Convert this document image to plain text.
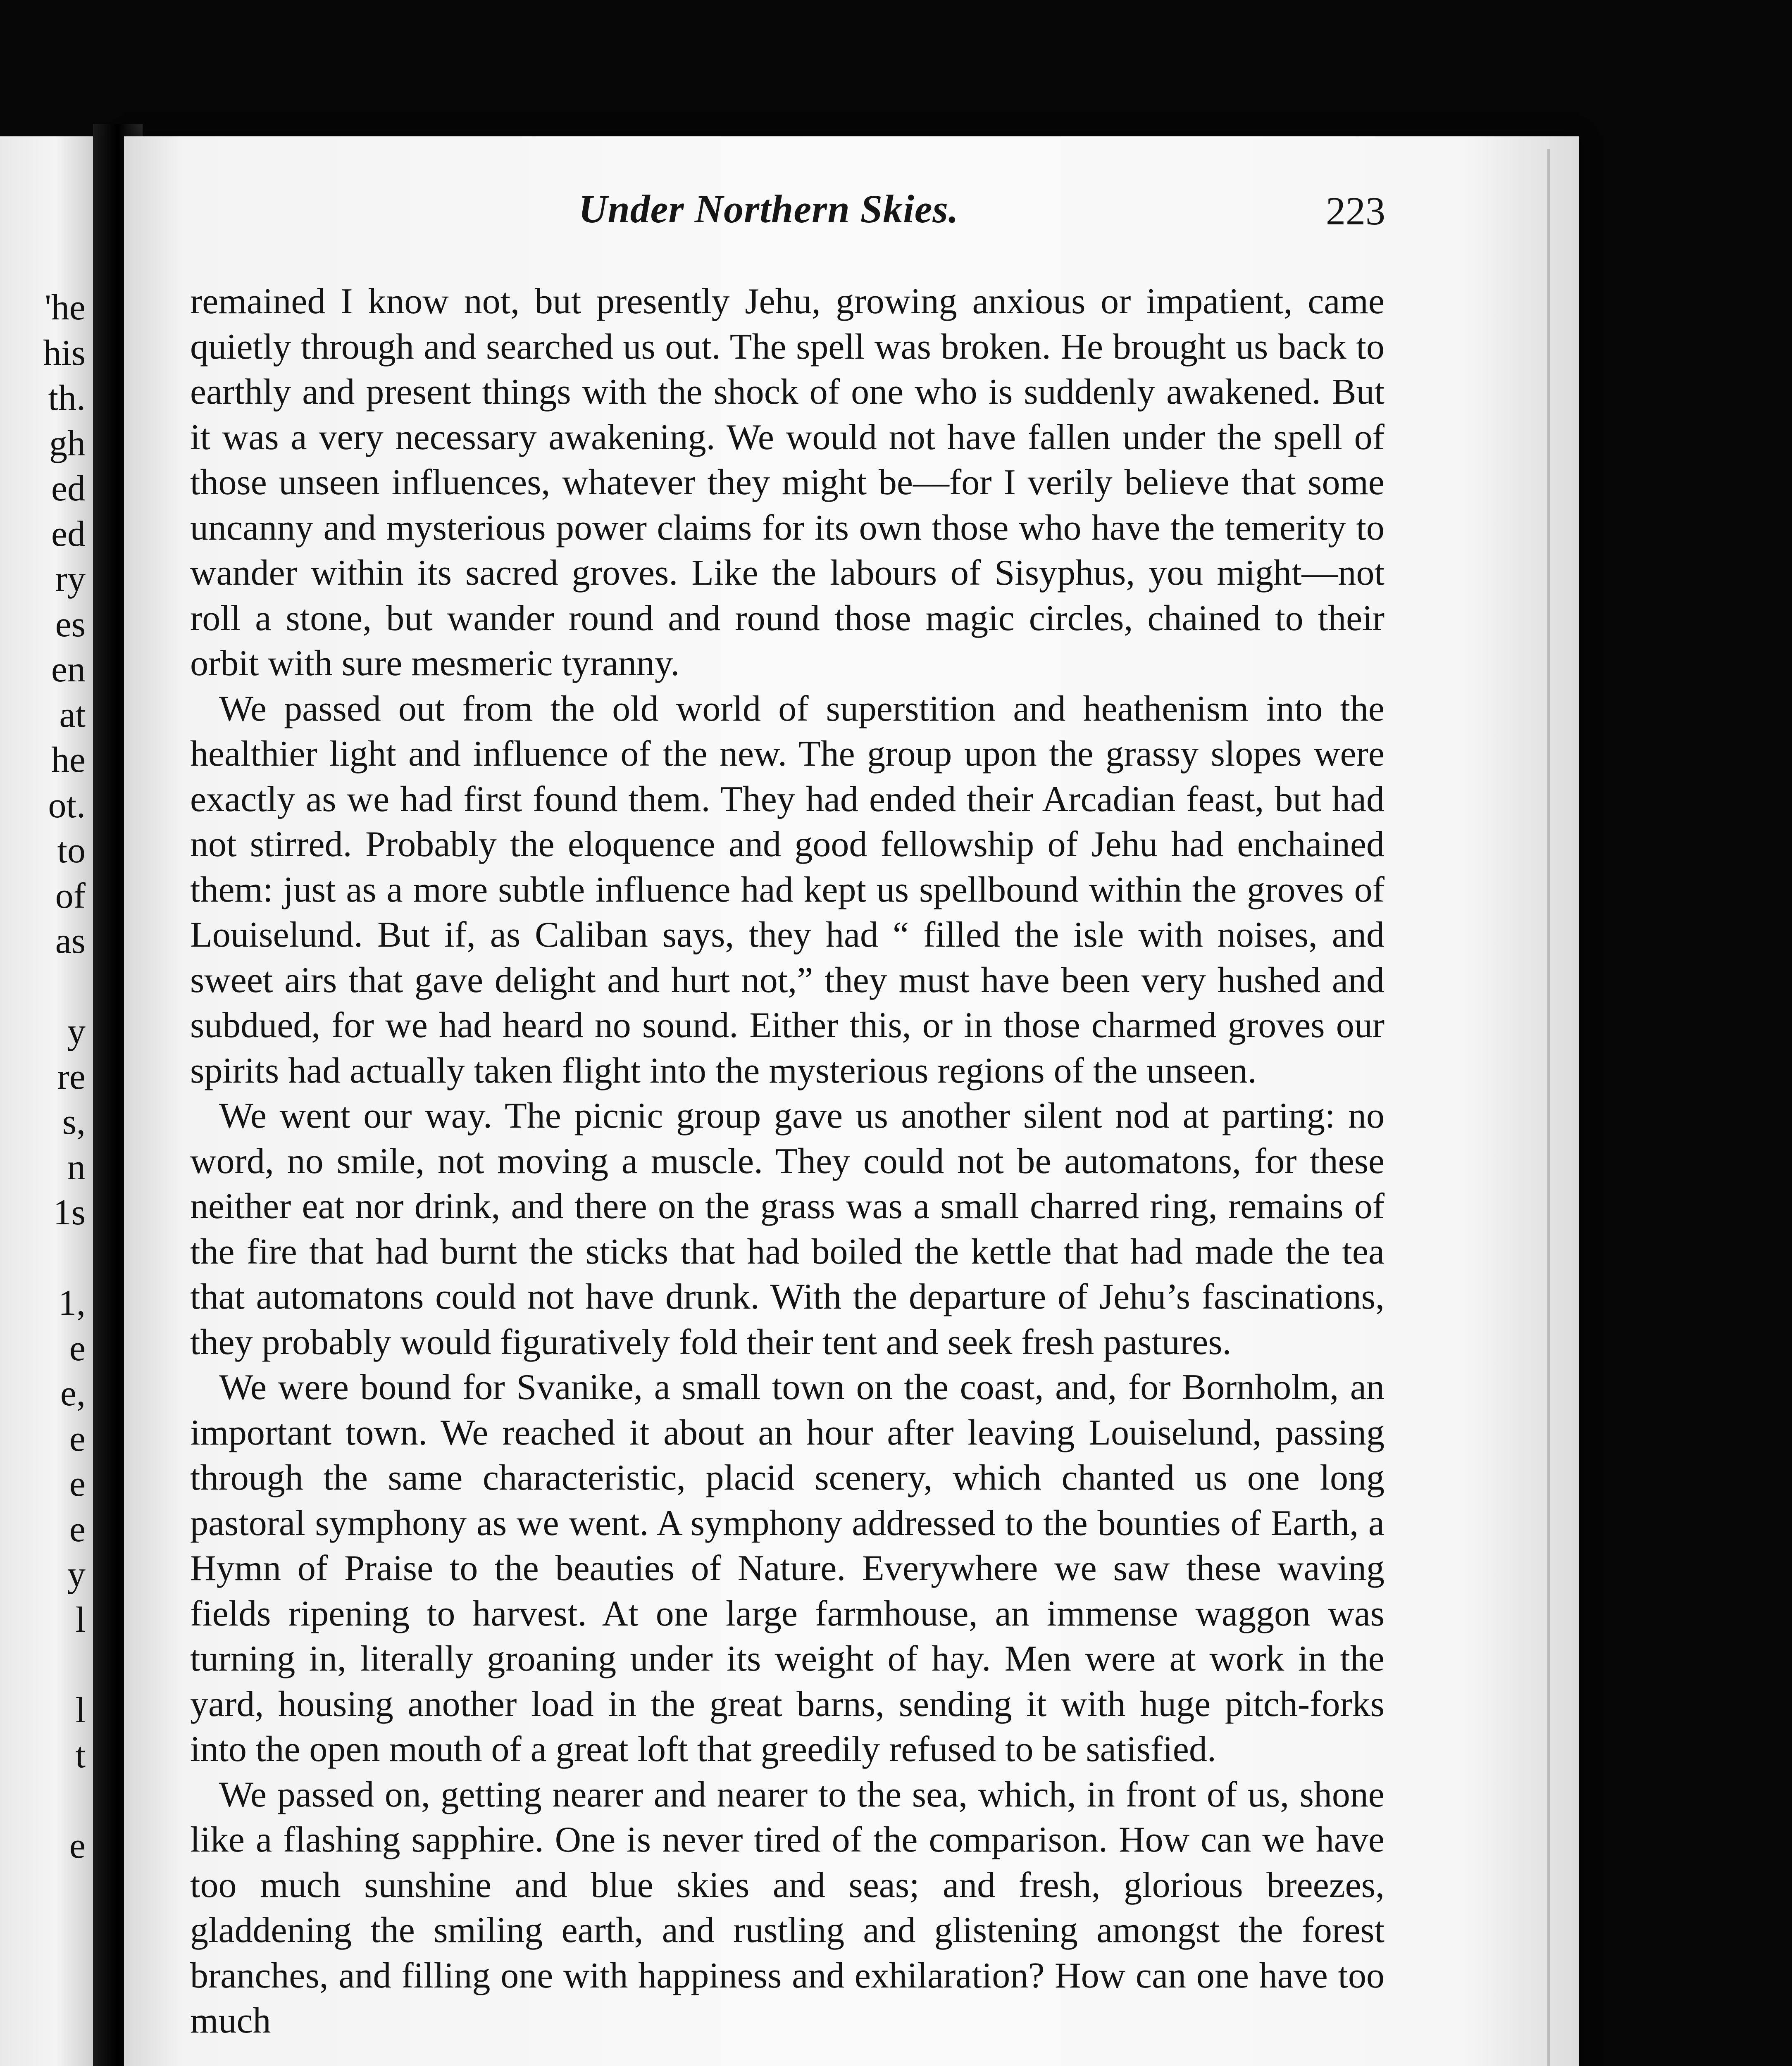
'he
his
th.
gh
ed
ed
ry
es
en
at
he
ot.
to
of
as
y
re
s,
n
1s
1,
e
e,
e
e
e
y
l
l
t
e
Under Northern Skies.	223

remained I know not, but presently Jehu, growing anxious or impatient, came quietly through and searched us out. The spell was broken. He brought us back to earthly and present things with the shock of one who is suddenly awakened. But it was a very necessary awakening. We would not have fallen under the spell of those unseen influences, whatever they might be—for I verily believe that some uncanny and mysterious power claims for its own those who have the temerity to wander within its sacred groves. Like the labours of Sisyphus, you might—not roll a stone, but wander round and round those magic circles, chained to their orbit with sure mesmeric tyranny.

We passed out from the old world of superstition and heathenism into the healthier light and influence of the new. The group upon the grassy slopes were exactly as we had first found them. They had ended their Arcadian feast, but had not stirred. Probably the eloquence and good fellowship of Jehu had enchained them: just as a more subtle influence had kept us spellbound within the groves of Louiselund. But if, as Caliban says, they had “ filled the isle with noises, and sweet airs that gave delight and hurt not,” they must have been very hushed and subdued, for we had heard no sound. Either this, or in those charmed groves our spirits had actually taken flight into the mysterious regions of the unseen.

We went our way. The picnic group gave us another silent nod at parting: no word, no smile, not moving a muscle. They could not be automatons, for these neither eat nor drink, and there on the grass was a small charred ring, remains of the fire that had burnt the sticks that had boiled the kettle that had made the tea that automatons could not have drunk. With the departure of Jehu’s fascinations, they probably would figuratively fold their tent and seek fresh pastures.

We were bound for Svanike, a small town on the coast, and, for Bornholm, an important town. We reached it about an hour after leaving Louiselund, passing through the same characteristic, placid scenery, which chanted us one long pastoral symphony as we went. A symphony addressed to the bounties of Earth, a Hymn of Praise to the beauties of Nature. Everywhere we saw these waving fields ripening to harvest. At one large farmhouse, an immense waggon was turning in, literally groaning under its weight of hay. Men were at work in the yard, housing another load in the great barns, sending it with huge pitch-forks into the open mouth of a great loft that greedily refused to be satisfied.

We passed on, getting nearer and nearer to the sea, which, in front of us, shone like a flashing sapphire. One is never tired of the comparison. How can we have too much sunshine and blue skies and seas; and fresh, glorious breezes, gladdening the smiling earth, and rustling and glistening amongst the forest branches, and filling one with happiness and exhilaration? How can one have too much
